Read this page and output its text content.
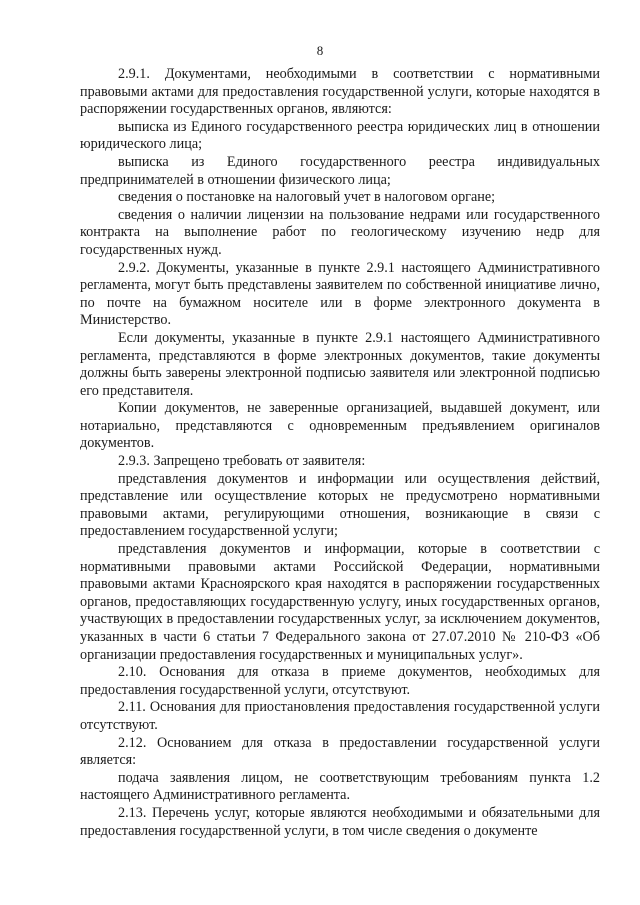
8

2.9.1. Документами, необходимыми в соответствии с нормативными правовыми актами для предоставления государственной услуги, которые находятся в распоряжении государственных органов, являются:

выписка из Единого государственного реестра юридических лиц в отношении юридического лица;

выписка из Единого государственного реестра индивидуальных предпринимателей в отношении физического лица;

сведения о постановке на налоговый учет в налоговом органе;

сведения о наличии лицензии на пользование недрами или государственного контракта на выполнение работ по геологическому изучению недр для государственных нужд.

2.9.2. Документы, указанные в пункте 2.9.1 настоящего Административного регламента, могут быть представлены заявителем по собственной инициативе лично, по почте на бумажном носителе или в форме электронного документа в Министерство.

Если документы, указанные в пункте 2.9.1 настоящего Административного регламента, представляются в форме электронных документов, такие документы должны быть заверены электронной подписью заявителя или электронной подписью его представителя.

Копии документов, не заверенные организацией, выдавшей документ, или нотариально, представляются с одновременным предъявлением оригиналов документов.

2.9.3. Запрещено требовать от заявителя:

представления документов и информации или осуществления действий, представление или осуществление которых не предусмотрено нормативными правовыми актами, регулирующими отношения, возникающие в связи с предоставлением государственной услуги;

представления документов и информации, которые в соответствии с нормативными правовыми актами Российской Федерации, нормативными правовыми актами Красноярского края находятся в распоряжении государственных органов, предоставляющих государственную услугу, иных государственных органов, участвующих в предоставлении государственных услуг, за исключением документов, указанных в части 6 статьи 7 Федерального закона от 27.07.2010 № 210-ФЗ «Об организации предоставления государственных и муниципальных услуг».

2.10. Основания для отказа в приеме документов, необходимых для предоставления государственной услуги, отсутствуют.

2.11. Основания для приостановления предоставления государственной услуги отсутствуют.

2.12. Основанием для отказа в предоставлении государственной услуги является:

подача заявления лицом, не соответствующим требованиям пункта 1.2 настоящего Административного регламента.

2.13. Перечень услуг, которые являются необходимыми и обязательными для предоставления государственной услуги, в том числе сведения о документе
